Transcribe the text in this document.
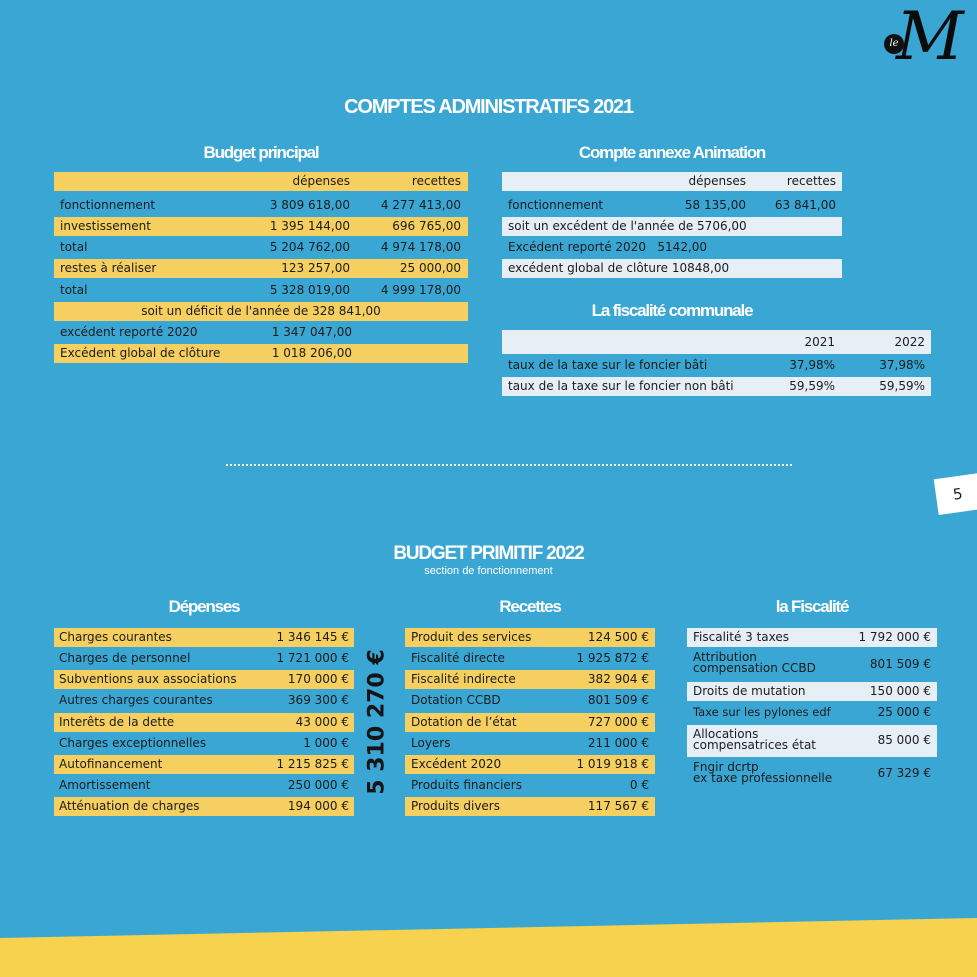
le
M
COMPTES ADMINISTRATIFS 2021
Budget principal
dépenses	recettes
fonctionnement	3 809 618,00	4 277 413,00
investissement	1 395 144,00	696 765,00
total	5 204 762,00	4 974 178,00
restes à réaliser	123 257,00	25 000,00
total	5 328 019,00	4 999 178,00
soit un déficit de l'année de 328 841,00
excédent reporté 2020	1 347 047,00
Excédent global de clôture	1 018 206,00
Compte annexe Animation
dépenses	recettes
fonctionnement	58 135,00 63 841,00
soit un excédent de l'année de 5706,00
Excédent reporté 2020   5142,00
excédent global de clôture 10848,00
La fiscalité communale
2021	2022
taux de la taxe sur le foncier bâti	37,98%	37,98%
taux de la taxe sur le foncier non bâti	59,59%	59,59%
5
BUDGET PRIMITIF 2022
section de fonctionnement
Dépenses
Charges courantes	1 346 145 €
Charges de personnel	1 721 000 €
Subventions aux associations	170 000 €
Autres charges courantes	369 300 €
Interêts de la dette	43 000 €
Charges exceptionnelles	1 000 €
Autofinancement	1 215 825 €
Amortissement	250 000 €
Atténuation de charges	194 000 €
5 310 270 €
Recettes
Produit des services	124 500 €
Fiscalité directe	1 925 872 €
Fiscalité indirecte	382 904 €
Dotation CCBD	801 509 €
Dotation de l’état	727 000 €
Loyers	211 000 €
Excédent 2020	1 019 918 €
Produits financiers	0 €
Produits divers	117 567 €
la Fiscalité
Fiscalité 3 taxes	1 792 000 €
Attribution
compensation CCBD	801 509 €
Droits de mutation	150 000 €
Taxe sur les pylones edf	25 000 €
Allocations
compensatrices état	85 000 €
Fngir dcrtp
ex taxe professionnelle	67 329 €
